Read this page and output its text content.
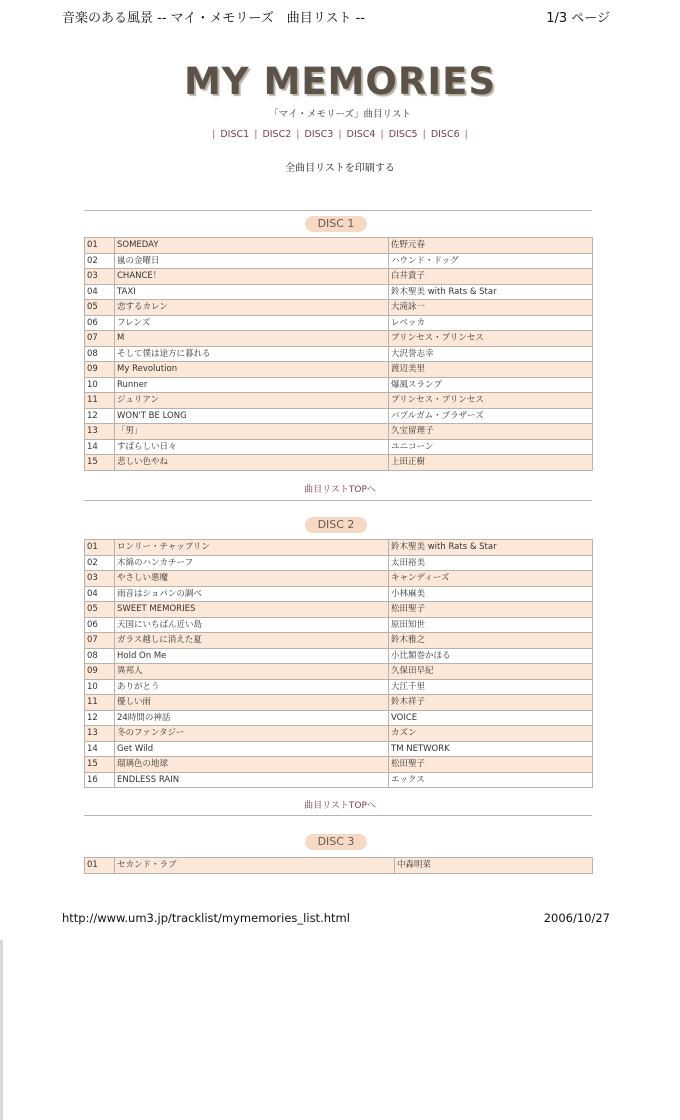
音楽のある風景 -- マイ・メモリーズ　曲目リスト --	1/3 ページ
MY MEMORIES
「マイ・メモリーズ」曲目リスト
| DISC1 | DISC2 | DISC3 | DISC4 | DISC5 | DISC6 |
全曲目リストを印刷する
DISC 1
01	SOMEDAY	佐野元春
02	嵐の金曜日	ハウンド・ドッグ
03	CHANCE！	白井貴子
04	TAXI	鈴木聖美 with Rats & Star
05	恋するカレン	大滝詠一
06	フレンズ	レベッカ
07	M	プリンセス・プリンセス
08	そして僕は途方に暮れる	大沢誉志幸
09	My Revolution	渡辺美里
10	Runner	爆風スランプ
11	ジュリアン	プリンセス・プリンセス
12	WON'T BE LONG	バブルガム・ブラザーズ
13	「男」	久宝留理子
14	すばらしい日々	ユニコーン
15	悲しい色やね	上田正樹
曲目リストTOPへ
DISC 2
01	ロンリー・チャップリン	鈴木聖美 with Rats & Star
02	木綿のハンカチーフ	太田裕美
03	やさしい悪魔	キャンディーズ
04	雨音はショパンの調べ	小林麻美
05	SWEET MEMORIES	松田聖子
06	天国にいちばん近い島	原田知世
07	ガラス越しに消えた夏	鈴木雅之
08	Hold On Me	小比類巻かほる
09	異邦人	久保田早紀
10	ありがとう	大江千里
11	優しい雨	鈴木祥子
12	24時間の神話	VOICE
13	冬のファンタジー	カズン
14	Get Wild	TM NETWORK
15	瑠璃色の地球	松田聖子
16	ENDLESS RAIN	エックス
曲目リストTOPへ
DISC 3
01	セカンド・ラブ	中森明菜
http://www.um3.jp/tracklist/mymemories_list.html	2006/10/27
